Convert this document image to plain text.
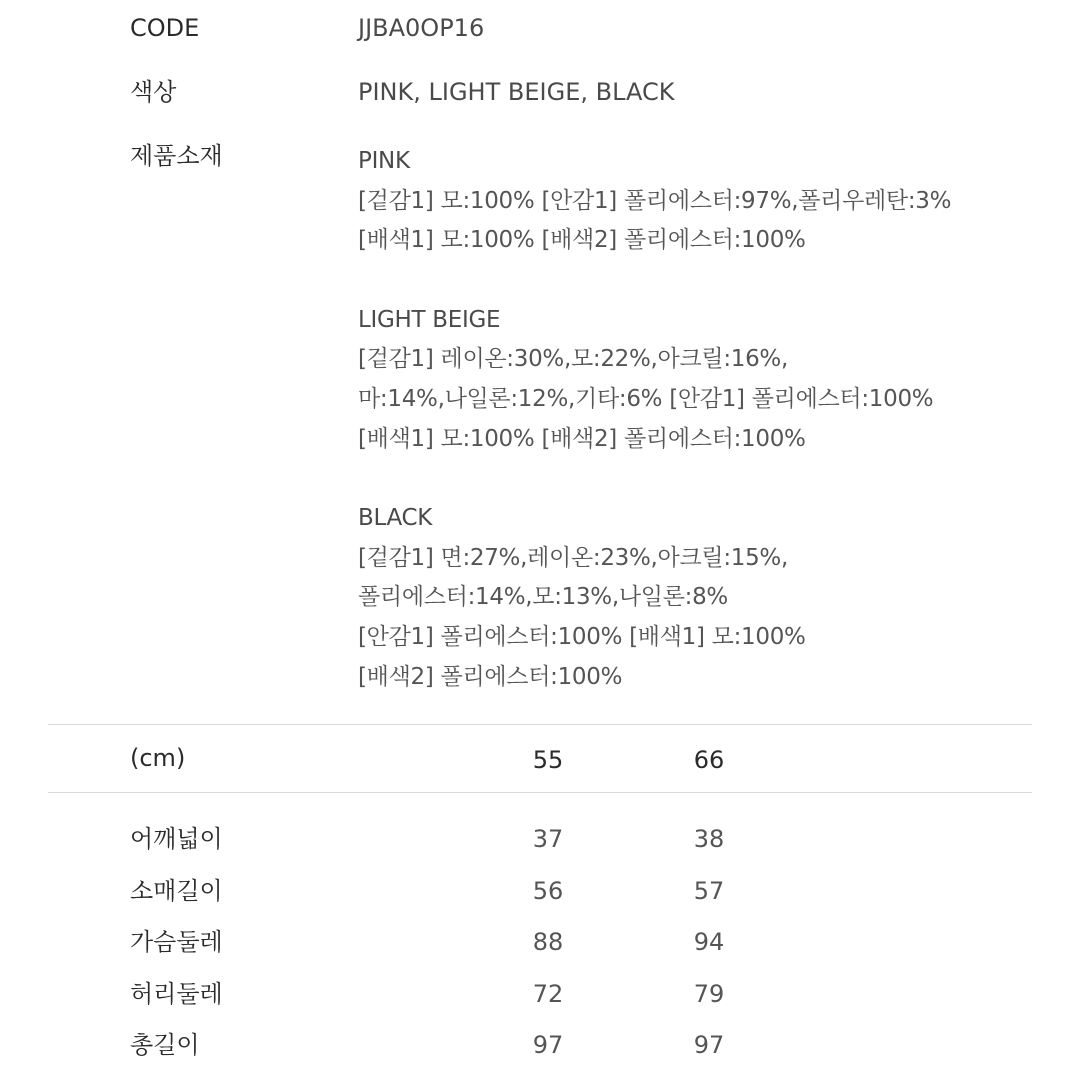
CODE	JJBA0OP16
색상	PINK, LIGHT BEIGE, BLACK
제품소재	PINK
[겉감1] 모:100% [안감1] 폴리에스터:97%,폴리우레탄:3%
[배색1] 모:100% [배색2] 폴리에스터:100%
LIGHT BEIGE
[겉감1] 레이온:30%,모:22%,아크릴:16%,
마:14%,나일론:12%,기타:6% [안감1] 폴리에스터:100%
[배색1] 모:100% [배색2] 폴리에스터:100%
BLACK
[겉감1] 면:27%,레이온:23%,아크릴:15%,
폴리에스터:14%,모:13%,나일론:8%
[안감1] 폴리에스터:100% [배색1] 모:100%
[배색2] 폴리에스터:100%
(cm)	55	66
어깨넓이	37	38
소매길이	56	57
가슴둘레	88	94
허리둘레	72	79
총길이	97	97
